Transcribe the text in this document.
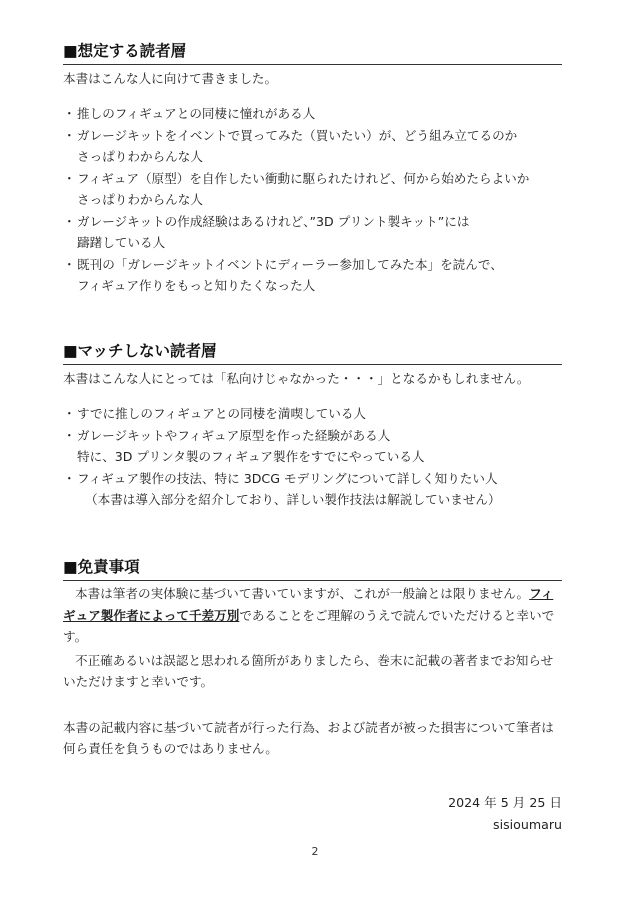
■想定する読者層
本書はこんな人に向けて書きました。
・ 推しのフィギュアとの同棲に憧れがある人
・ ガレージキットをイベントで買ってみた（買いたい）が、どう組み立てるのか
さっぱりわからんな人
・ フィギュア（原型）を自作したい衝動に駆られたけれど、何から始めたらよいか
さっぱりわからんな人
・ ガレージキットの作成経験はあるけれど、”3D プリント製キット”には
躊躇している人
・ 既刊の「ガレージキットイベントにディーラー参加してみた本」を読んで、
フィギュア作りをもっと知りたくなった人
■マッチしない読者層
本書はこんな人にとっては「私向けじゃなかった・・・」となるかもしれません。
・ すでに推しのフィギュアとの同棲を満喫している人
・ ガレージキットやフィギュア原型を作った経験がある人
特に、3D プリンタ製のフィギュア製作をすでにやっている人
・ フィギュア製作の技法、特に 3DCG モデリングについて詳しく知りたい人
（本書は導入部分を紹介しており、詳しい製作技法は解説していません）
■免責事項

本書は筆者の実体験に基づいて書いていますが、これが一般論とは限りません。フィギュア製作者によって千差万別であることをご理解のうえで読んでいただけると幸いです。

不正確あるいは誤認と思われる箇所がありましたら、巻末に記載の著者までお知らせいただけますと幸いです。

本書の記載内容に基づいて読者が行った行為、および読者が被った損害について筆者は何ら責任を負うものではありません。

2024 年 5 月 25 日
sisioumaru
2
